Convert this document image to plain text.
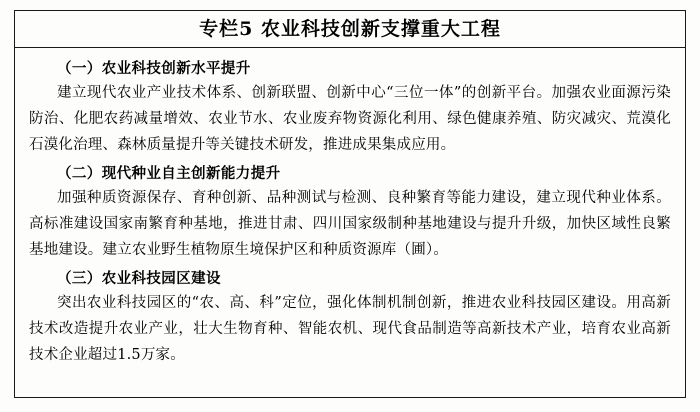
专栏5 农业科技创新支撑重大工程
（一）农业科技创新水平提升
建立现代农业产业技术体系、创新联盟、创新中心“三位一体”的创新平台。加强农业面源污染防治、化肥农药减量增效、农业节水、农业废弃物资源化利用、绿色健康养殖、防灾减灾、荒漠化石漠化治理、森林质量提升等关键技术研发，推进成果集成应用。
（二）现代种业自主创新能力提升
加强种质资源保存、育种创新、品种测试与检测、良种繁育等能力建设，建立现代种业体系。高标准建设国家南繁育种基地，推进甘肃、四川国家级制种基地建设与提升升级，加快区域性良繁基地建设。建立农业野生植物原生境保护区和种质资源库（圃）。
（三）农业科技园区建设
突出农业科技园区的“农、高、科”定位，强化体制机制创新，推进农业科技园区建设。用高新技术改造提升农业产业，壮大生物育种、智能农机、现代食品制造等高新技术产业，培育农业高新技术企业超过1.5万家。
